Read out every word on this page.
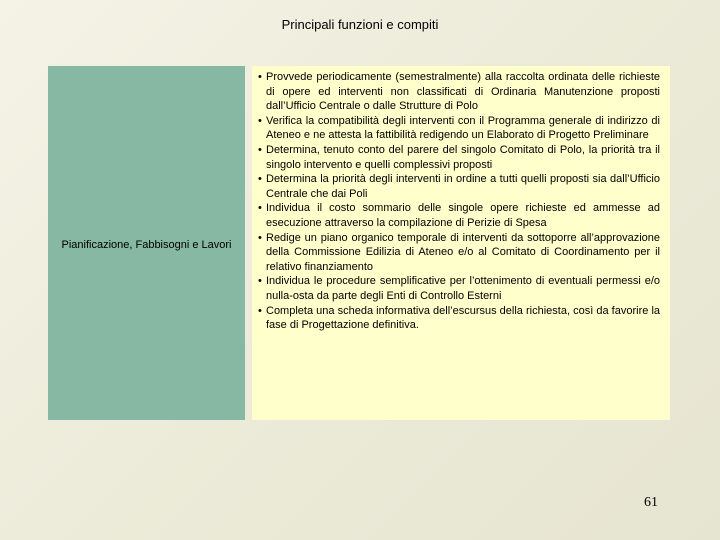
Principali funzioni e compiti
Pianificazione, Fabbisogni e Lavori
• Provvede periodicamente (semestralmente) alla raccolta ordinata delle richieste di opere ed interventi non classificati di Ordinaria Manutenzione proposti dall’Ufficio Centrale o dalle Strutture di Polo
• Verifica la compatibilità degli interventi con il Programma generale di indirizzo di Ateneo e ne attesta la fattibilità redigendo un Elaborato di Progetto Preliminare
• Determina, tenuto conto del parere del singolo Comitato di Polo, la priorità tra il singolo intervento e quelli complessivi proposti
• Determina la priorità degli interventi in ordine a tutti quelli proposti sia dall’Ufficio Centrale che dai Poli
• Individua il costo sommario delle singole opere richieste ed ammesse ad esecuzione attraverso la compilazione di Perizie di Spesa
• Redige un piano organico temporale di interventi da sottoporre all’approvazione della Commissione Edilizia di Ateneo e/o al Comitato di Coordinamento per il relativo finanziamento
• Individua le procedure semplificative per l’ottenimento di eventuali permessi e/o nulla-osta da parte degli Enti di Controllo Esterni
• Completa una scheda informativa dell’escursus della richiesta, così da favorire la fase di Progettazione definitiva.
61
